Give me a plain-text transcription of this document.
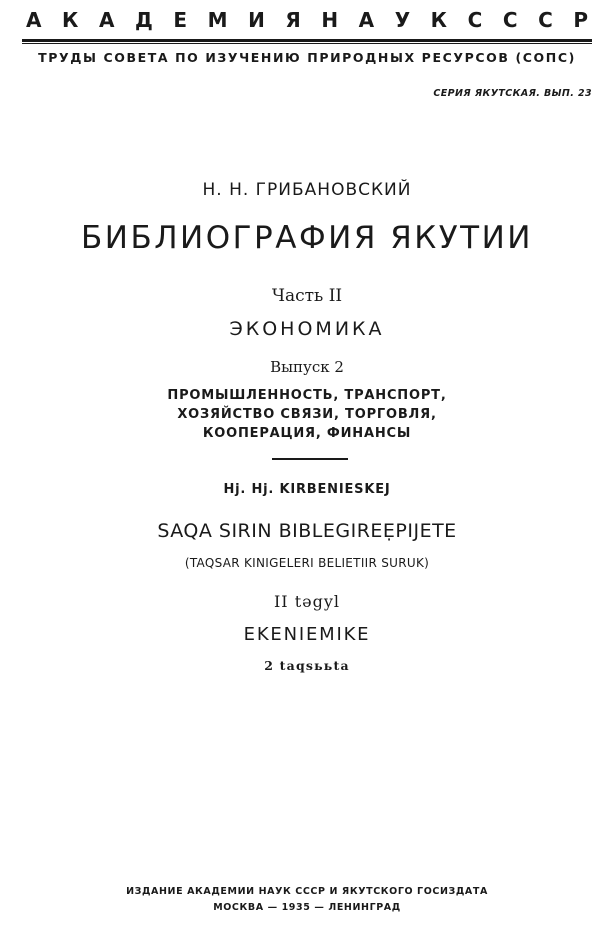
А К А Д Е М И Я Н А У К С С С Р

ТРУДЫ СОВЕТА ПО ИЗУЧЕНИЮ ПРИРОДНЫХ РЕСУРСОВ (СОПС)

СЕРИЯ ЯКУТСКАЯ. ВЫП. 23

Н. Н. ГРИБАНОВСКИЙ

БИБЛИОГРАФИЯ ЯКУТИИ

Часть II

ЭКОНОМИКА

Выпуск 2

ПРОМЫШЛЕННОСТЬ, ТРАНСПОРТ,
ХОЗЯЙСТВО СВЯЗИ, ТОРГОВЛЯ,
КООПЕРАЦИЯ, ФИНАНСЫ

Hj. Hj. KIRBENIESKEJ

SAQA SIRIN BIBLEGIREẸPIJETE

(TAQSAR KINIGELERI BELIETIIR SURUK)

II təgyl

EKENIEMIKE

2 taqsььta

ИЗДАНИЕ АКАДЕМИИ НАУК СССР И ЯКУТСКОГО ГОСИЗДАТА

МОСКВА — 1935 — ЛЕНИНГРАД
